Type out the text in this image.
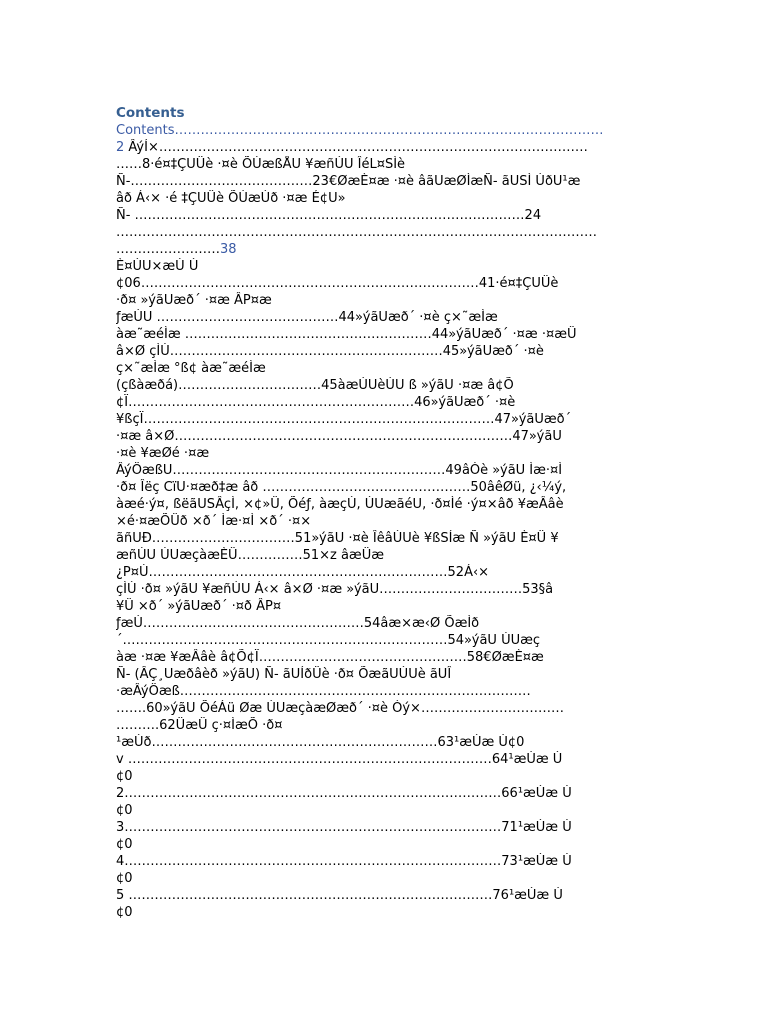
Contents
Contents………………………………………………………………………………………
2 ÂýÍ×………………………………………………………………………………………
……8·é¤‡ÇUÜè ·¤è ÕÙæßÅU ¥æñÚU ÎéL¤SÌè
Ñ-……………………………………23€ØæÈ¤æ ·¤è âãUæØÌæÑ- ãUSÌ ÚðU¹æ
âð Á‹× ·é ‡ÇUÜè ÕÙæÙð ·¤æ É¢U»
Ñ- ………………………………………………………………………………24
…………………………………………………………………………………………………
……………………38
È¤ÚU×æÙ Ù
¢06……………………………………………………………………41·é¤‡ÇUÜè
·ð¤ »ýãUæð´ ·¤æ ÂP¤æ
ƒæÚU ……………………………………44»ýãUæð´ ·¤è ç×˜æÌæ
àæ˜æéÌæ …………………………………………………44»ýãUæð´ ·¤æ ·¤æÜ
â×Ø çÌÙ………………………………………………………45»ýãUæð´ ·¤è
ç×˜æÌæ °ß¢ àæ˜æéÌæ
(çßàæðá)……………………………45àæÚUèÚU ß »ýãU ·¤æ â¢Õ
¢Ï…………………………………………………………46»ýãUæð´ ·¤è
¥ßçÏ………………………………………………………………………47»ýãUæð´
·¤æ â×Ø……………………………………………………………………47»ýãU
·¤è ¥æØé ·¤æ
ÂýÖæßU………………………………………………………49âÒè »ýãU Ìæ·¤Ì
·ð¤ Îëç CïU·¤æð‡æ âð …………………………………………50âêØü, ¿‹¼ý,
àæé·ý¤, ßëãUSÂçÌ, ×¢»Ü, Õéƒ, àæçÙ, ÚUæãéU, ·ð¤Ìé ·ý¤×âð ¥æÂâè
×é·¤æÕÜð ×ð´ Ìæ·¤Ì ×ð´ ·¤×
ãñUÐ……………………………51»ýãU ·¤è ÎêâÚUè ¥ßSÍæ Ñ »ýãU È¤Ü ¥
æñÚU ÚUæçàæÈÜ……………51×z âæÜæ
¿P¤Ú……………………………………………………………52Á‹×
çÌÙ ·ð¤ »ýãU ¥æñÚU Á‹× â×Ø ·¤æ »ýãU……………………………53§â
¥Ü ×ð´ »ýãUæð´ ·¤ð ÂP¤
ƒæÚ……………………………………………54âæ×æ‹Ø ÕæÌð
´…………………………………………………………………54»ýãU ÚUæç
àæ ·¤æ ¥æÂâè â¢Õ¢Ï…………………………………………58€ØæÈ¤æ
Ñ- (ÂÇ¸Uæðâèð »ýãU) Ñ- ãUÍðÜè ·ð¤ ÕæãUÚUè ãUÎ
·æÂýÖæß………………………………………………………………………
…….60»ýãU ÕéÁü Øæ ÚUæçàæØæð´ ·¤è Óý×……………………………
……….62ÜæÜ ç·¤ÌæÕ ·ð¤
¹æÙð…………………………………………………………63¹æÙæ Ù¢0
v …………………………………………………………………………64¹æÙæ Ù
¢0
2……………………………………………………………………………66¹æÙæ Ù
¢0
3……………………………………………………………………………71¹æÙæ Ù
¢0
4……………………………………………………………………………73¹æÙæ Ù
¢0
5 …………………………………………………………………………76¹æÙæ Ù
¢0
